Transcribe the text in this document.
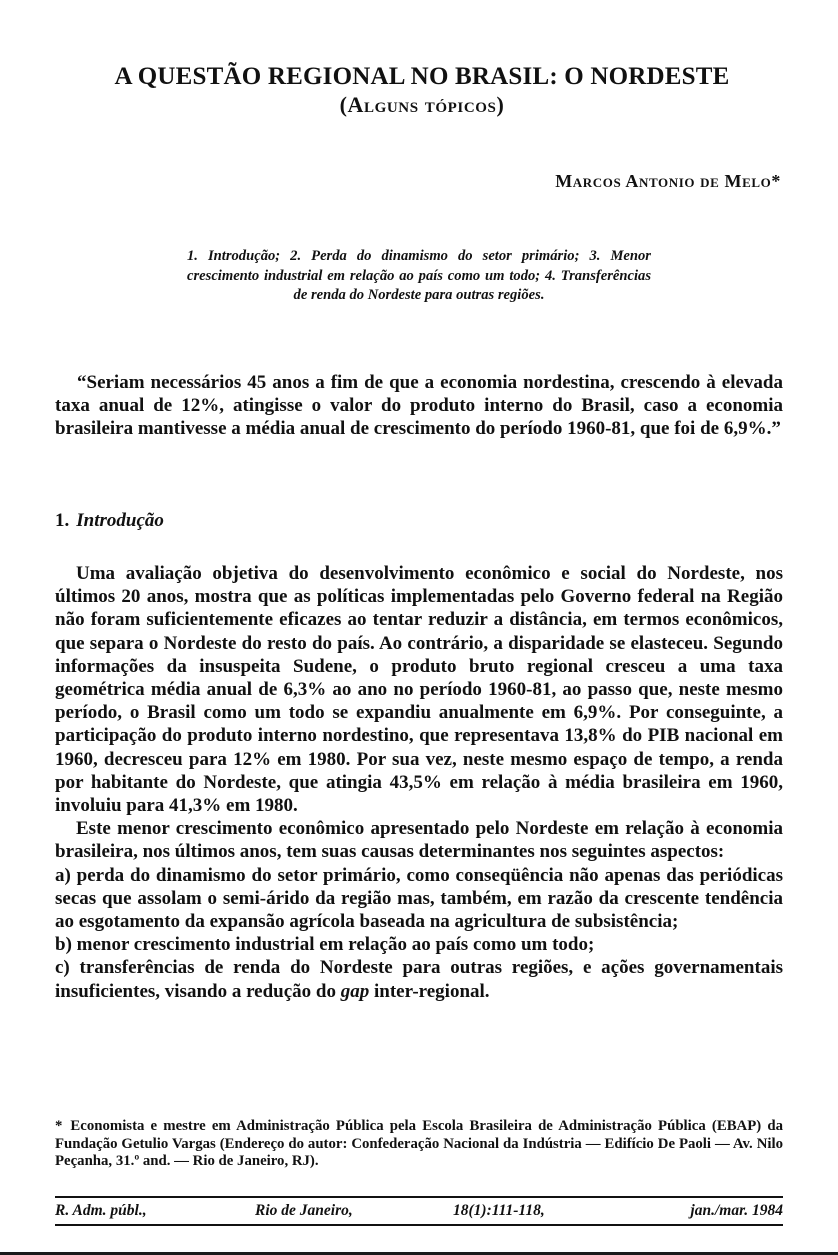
A QUESTÃO REGIONAL NO BRASIL: O NORDESTE
(Alguns tópicos)
Marcos Antonio de Melo*
1. Introdução; 2. Perda do dinamismo do setor primário; 3. Menor crescimento industrial em relação ao país como um todo; 4. Transferências de renda do Nordeste para outras regiões.
“Seriam necessários 45 anos a fim de que a economia nordestina, crescendo à elevada taxa anual de 12%, atingisse o valor do produto interno do Brasil, caso a economia brasileira mantivesse a média anual de crescimento do período 1960-81, que foi de 6,9%.”
1. Introdução

Uma avaliação objetiva do desenvolvimento econômico e social do Nordeste, nos últimos 20 anos, mostra que as políticas implementadas pelo Governo federal na Região não foram suficientemente eficazes ao tentar reduzir a distância, em termos econômicos, que separa o Nordeste do resto do país. Ao contrário, a disparidade se elasteceu. Segundo informações da insuspeita Sudene, o produto bruto regional cresceu a uma taxa geométrica média anual de 6,3% ao ano no período 1960-81, ao passo que, neste mesmo período, o Brasil como um todo se expandiu anualmente em 6,9%. Por conseguinte, a participação do produto interno nordestino, que representava 13,8% do PIB nacional em 1960, decresceu para 12% em 1980. Por sua vez, neste mesmo espaço de tempo, a renda por habitante do Nordeste, que atingia 43,5% em relação à média brasileira em 1960, involuiu para 41,3% em 1980.

Este menor crescimento econômico apresentado pelo Nordeste em relação à economia brasileira, nos últimos anos, tem suas causas determinantes nos seguintes aspectos:

a) perda do dinamismo do setor primário, como conseqüência não apenas das periódicas secas que assolam o semi-árido da região mas, também, em razão da crescente tendência ao esgotamento da expansão agrícola baseada na agricultura de subsistência;

b) menor crescimento industrial em relação ao país como um todo;

c) transferências de renda do Nordeste para outras regiões, e ações governamentais insuficientes, visando a redução do gap inter-regional.

* Economista e mestre em Administração Pública pela Escola Brasileira de Administração Pública (EBAP) da Fundação Getulio Vargas (Endereço do autor: Confederação Nacional da Indústria — Edifício De Paoli — Av. Nilo Peçanha, 31.º and. — Rio de Janeiro, RJ).
R. Adm. públ.,	Rio de Janeiro,	18(1):111-118,	jan./mar. 1984
